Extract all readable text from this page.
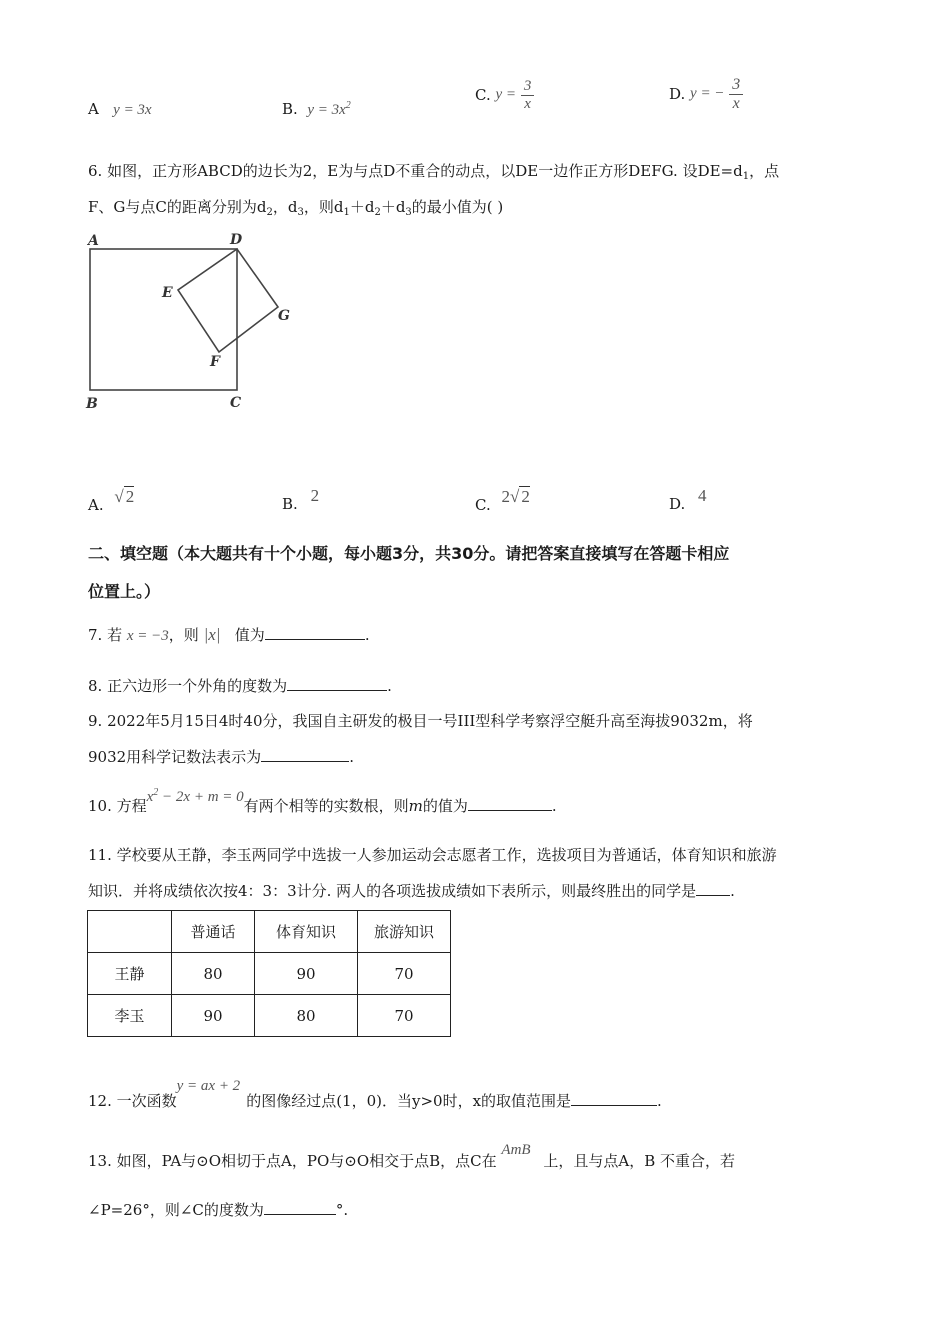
A y = 3x	B. $y = 3x^2$
C. $y = \frac{3}{x}$	D. y = − $\frac{3}{x}$
6. 如图，正方形ABCD的边长为2，E为与点D不重合的动点，以DE一边作正方形DEFG. 设$DE=d_1$，点
F、G与点C的距离分别为$d_2$，$d_3$，则$d_1+d_2+d_3$的最小值为( )
A	D
E
G
F
B	C
A. √ 2	B. 2	C. 2√ 2	D. 4
二、填空题（本大题共有十个小题，每小题3分，共30分。请把答案直接填写在答题卡相应
位置上。）
7. 若 x = −3，则 |x| 值为	.
8. 正六边形一个外角的度数为	.
9. 2022年5月15日4时40分，我国自主研发的极目一号III型科学考察浮空艇升高至海拔9032m，将
9032用科学记数法表示为	.
10. 方程$x^2 - 2x + m = 0$有两个相等的实数根，则m的值为	.
11. 学校要从王静，李玉两同学中选拔一人参加运动会志愿者工作，选拔项目为普通话，体育知识和旅游
知识．并将成绩依次按4：3：3计分. 两人的各项选拔成绩如下表所示，则最终胜出的同学是 .
	普通话	体育知识	旅游知识
王静	80	90	70
李玉	90	80	70
12. 一次函数y = ax + 2的图像经过点(1，0)．当y>0时，x的取值范围是	.
13. 如图，PA与⊙O相切于点A，PO与⊙O相交于点B，点C在 AmB 上，且与点A，B 不重合，若
∠P=26°，则∠C的度数为	°.
